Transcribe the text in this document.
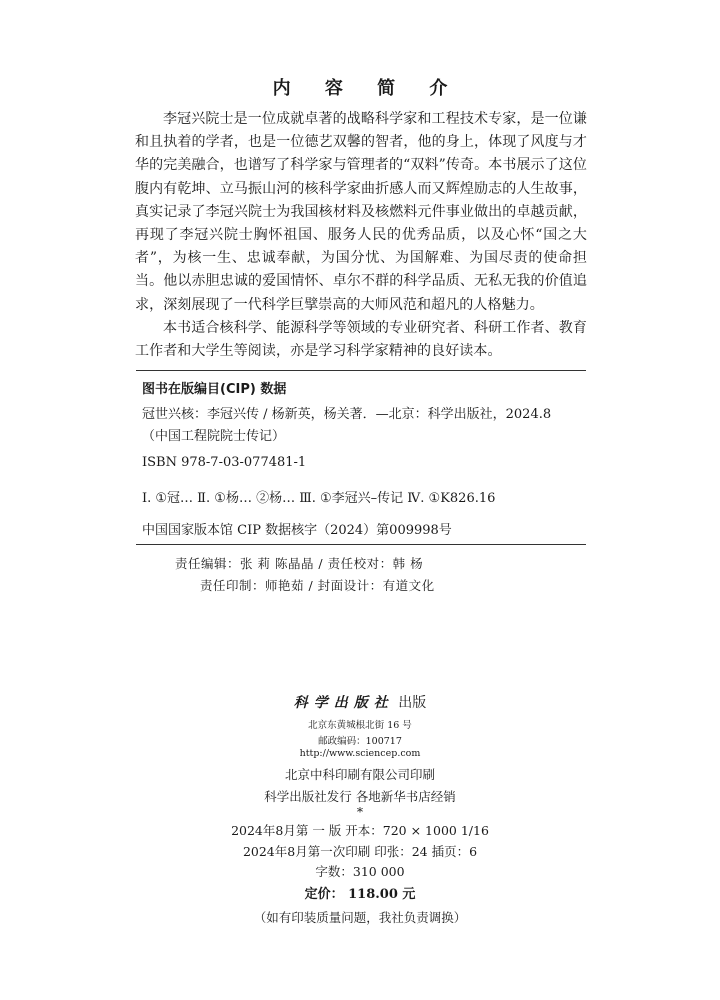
内 容 简 介

李冠兴院士是一位成就卓著的战略科学家和工程技术专家，是一位谦和且执着的学者，也是一位德艺双馨的智者，他的身上，体现了风度与才华的完美融合，也谱写了科学家与管理者的“双料”传奇。本书展示了这位腹内有乾坤、立马振山河的核科学家曲折感人而又辉煌励志的人生故事，真实记录了李冠兴院士为我国核材料及核燃料元件事业做出的卓越贡献，再现了李冠兴院士胸怀祖国、服务人民的优秀品质，以及心怀“国之大者”，为核一生、忠诚奉献，为国分忧、为国解难、为国尽责的使命担当。他以赤胆忠诚的爱国情怀、卓尔不群的科学品质、无私无我的价值追求，深刻展现了一代科学巨擘崇高的大师风范和超凡的人格魅力。

本书适合核科学、能源科学等领域的专业研究者、科研工作者、教育工作者和大学生等阅读，亦是学习科学家精神的良好读本。

图书在版编目(CIP) 数据
冠世兴核：李冠兴传 / 杨新英，杨关著．—北京：科学出版社，2024.8
（中国工程院院士传记）
ISBN 978-7-03-077481-1
Ⅰ. ①冠… Ⅱ. ①杨… ②杨… Ⅲ. ①李冠兴–传记 Ⅳ. ①K826.16
中国国家版本馆 CIP 数据核字（2024）第009998号
责任编辑：张 莉 陈晶晶 / 责任校对：韩 杨
责任印制：师艳茹 / 封面设计：有道文化
科学出版社 出版
北京东黄城根北街 16 号
邮政编码：100717
http://www.sciencep.com
北京中科印刷有限公司印刷
科学出版社发行 各地新华书店经销
*
2024年8月第 一 版 开本：720 × 1000 1/16
2024年8月第一次印刷 印张：24 插页：6
字数：310 000
定价： 118.00 元
（如有印装质量问题，我社负责调换）
